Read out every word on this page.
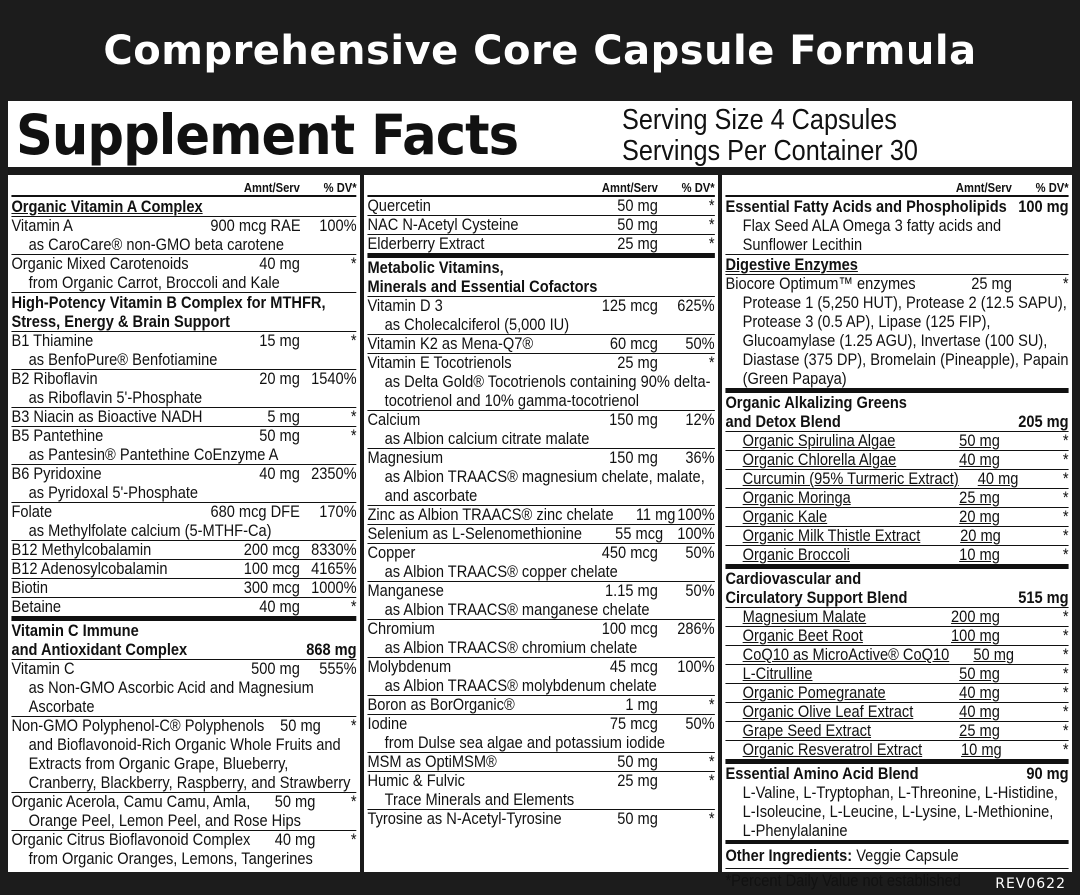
Comprehensive Core Capsule Formula
Supplement Facts	Serving Size 4 Capsules
Servings Per Container 30
Amnt/Serv	% DV*
Organic Vitamin A Complex
Vitamin A	900 mcg RAE	100%
as CaroCare® non-GMO beta carotene
Organic Mixed Carotenoids	40 mg	*
from Organic Carrot, Broccoli and Kale
High-Potency Vitamin B Complex for MTHFR, Stress, Energy & Brain Support
B1 Thiamine	15 mg	*
as BenfoPure® Benfotiamine
B2 Riboflavin	20 mg 1540%
as Riboflavin 5'-Phosphate
B3 Niacin as Bioactive NADH	5 mg	*
B5 Pantethine	50 mg	*
as Pantesin® Pantethine CoEnzyme A
B6 Pyridoxine	40 mg 2350%
as Pyridoxal 5'-Phosphate
Folate	680 mcg DFE	170%
as Methylfolate calcium (5-MTHF-Ca)
B12 Methylcobalamin	200 mcg 8330%
B12 Adenosylcobalamin	100 mcg 4165%
Biotin	300 mcg 1000%
Betaine	40 mg	*
Vitamin C Immune
and Antioxidant Complex	868 mg
Vitamin C	500 mg	555%
as Non-GMO Ascorbic Acid and Magnesium Ascorbate
Non-GMO Polyphenol-C® Polyphenols 50 mg	*
and Bioflavonoid-Rich Organic Whole Fruits and Extracts from Organic Grape, Blueberry, Cranberry, Blackberry, Raspberry, and Strawberry
Organic Acerola, Camu Camu, Amla,	50 mg	*
Orange Peel, Lemon Peel, and Rose Hips
Organic Citrus Bioflavonoid Complex	40 mg	*
from Organic Oranges, Lemons, Tangerines
Amnt/Serv	% DV*
Quercetin	50 mg	*
NAC N-Acetyl Cysteine	50 mg	*
Elderberry Extract	25 mg	*
Metabolic Vitamins,
Minerals and Essential Cofactors
Vitamin D 3	125 mcg	625%
as Cholecalciferol (5,000 IU)
Vitamin K2 as Mena-Q7®	60 mcg	50%
Vitamin E Tocotrienols	25 mg	*
as Delta Gold® Tocotrienols containing 90% delta-tocotrienol and 10% gamma-tocotrienol
Calcium	150 mg	12%
as Albion calcium citrate malate
Magnesium	150 mg	36%
as Albion TRAACS® magnesium chelate, malate, and ascorbate
Zinc as Albion TRAACS® zinc chelate	11 mg 100%
Selenium as L-Selenomethionine	55 mcg 100%
Copper	450 mcg	50%
as Albion TRAACS® copper chelate
Manganese	1.15 mg	50%
as Albion TRAACS® manganese chelate
Chromium	100 mcg	286%
as Albion TRAACS® chromium chelate
Molybdenum	45 mcg	100%
as Albion TRAACS® molybdenum chelate
Boron as BorOrganic®	1 mg	*
Iodine	75 mcg	50%
from Dulse sea algae and potassium iodide
MSM as OptiMSM®	50 mg	*
Humic & Fulvic	25 mg	*
Trace Minerals and Elements
Tyrosine as N-Acetyl-Tyrosine	50 mg	*
Amnt/Serv	% DV*
Essential Fatty Acids and Phospholipids 100 mg
Flax Seed ALA Omega 3 fatty acids and Sunflower Lecithin
Digestive Enzymes
Biocore Optimum™ enzymes	25 mg	*
Protease 1 (5,250 HUT), Protease 2 (12.5 SAPU), Protease 3 (0.5 AP), Lipase (125 FIP), Glucoamylase (1.25 AGU), Invertase (100 SU), Diastase (375 DP), Bromelain (Pineapple), Papain (Green Papaya)
Organic Alkalizing Greens
and Detox Blend	205 mg
Organic Spirulina Algae	50 mg	*
Organic Chlorella Algae	40 mg	*
Curcumin (95% Turmeric Extract)	40 mg	*
Organic Moringa	25 mg	*
Organic Kale	20 mg	*
Organic Milk Thistle Extract	20 mg	*
Organic Broccoli	10 mg	*
Cardiovascular and
Circulatory Support Blend	515 mg
Magnesium Malate	200 mg	*
Organic Beet Root	100 mg	*
CoQ10 as MicroActive® CoQ10	50 mg	*
L-Citrulline	50 mg	*
Organic Pomegranate	40 mg	*
Organic Olive Leaf Extract	40 mg	*
Grape Seed Extract	25 mg	*
Organic Resveratrol Extract	10 mg	*
Essential Amino Acid Blend	90 mg
L-Valine, L-Tryptophan, L-Threonine, L-Histidine, L-Isoleucine, L-Leucine, L-Lysine, L-Methionine, L-Phenylalanine
Other Ingredients: Veggie Capsule
*Percent Daily Value not established	REV0622
